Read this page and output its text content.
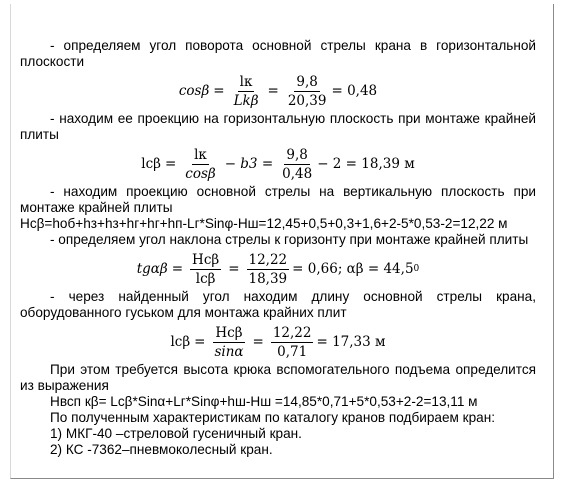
- определяем угол поворота основной стрелы крана в горизонтальной плоскости

$\cos\beta = \frac{lк}{\text{Lkβ}} = \frac{9,8}{20,39} = 0,48$

- находим ее проекцию на горизонтальную плоскость при монтаже крайней плиты

$lc\beta = \frac{lк}{\cos\beta} - b3 = \frac{9,8}{0,48} - 2 = 18,39$ м

- находим проекцию основной стрелы на вертикальную плоскость при монтаже крайней плиты

Hcβ=hoб+hз+hз+hг+hг+hп-Lг*Sinφ-Hш=12,45+0,5+0,3+1,6+2-5*0,53-2=12,22 м

- определяем угол наклона стрелы к горизонту при монтаже крайней плиты

$tg\alpha\beta = \frac{\text{Hcβ}}{\text{lcβ}} = \frac{12,22}{18,39} = 0,66$; αβ = 44,5 0

- через найденный угол находим длину основной стрелы крана, оборудованного гуськом для монтажа крайних плит

$lc\beta = \frac{\text{Hcβ}}{\sin\alpha} = \frac{12,22}{0,71} = 17,33$ м

При этом требуется высота крюка вспомогательного подъема определится из выражения

Hвсп кβ= Lсβ*Sinα+Lг*Sinφ+hш-Hш =14,85*0,71+5*0,53+2-2=13,11 м

По полученным характеристикам по каталогу кранов подбираем кран:

1) МКГ-40 –стреловой гусеничный кран.

2) КС -7362–пневмоколесный кран.
